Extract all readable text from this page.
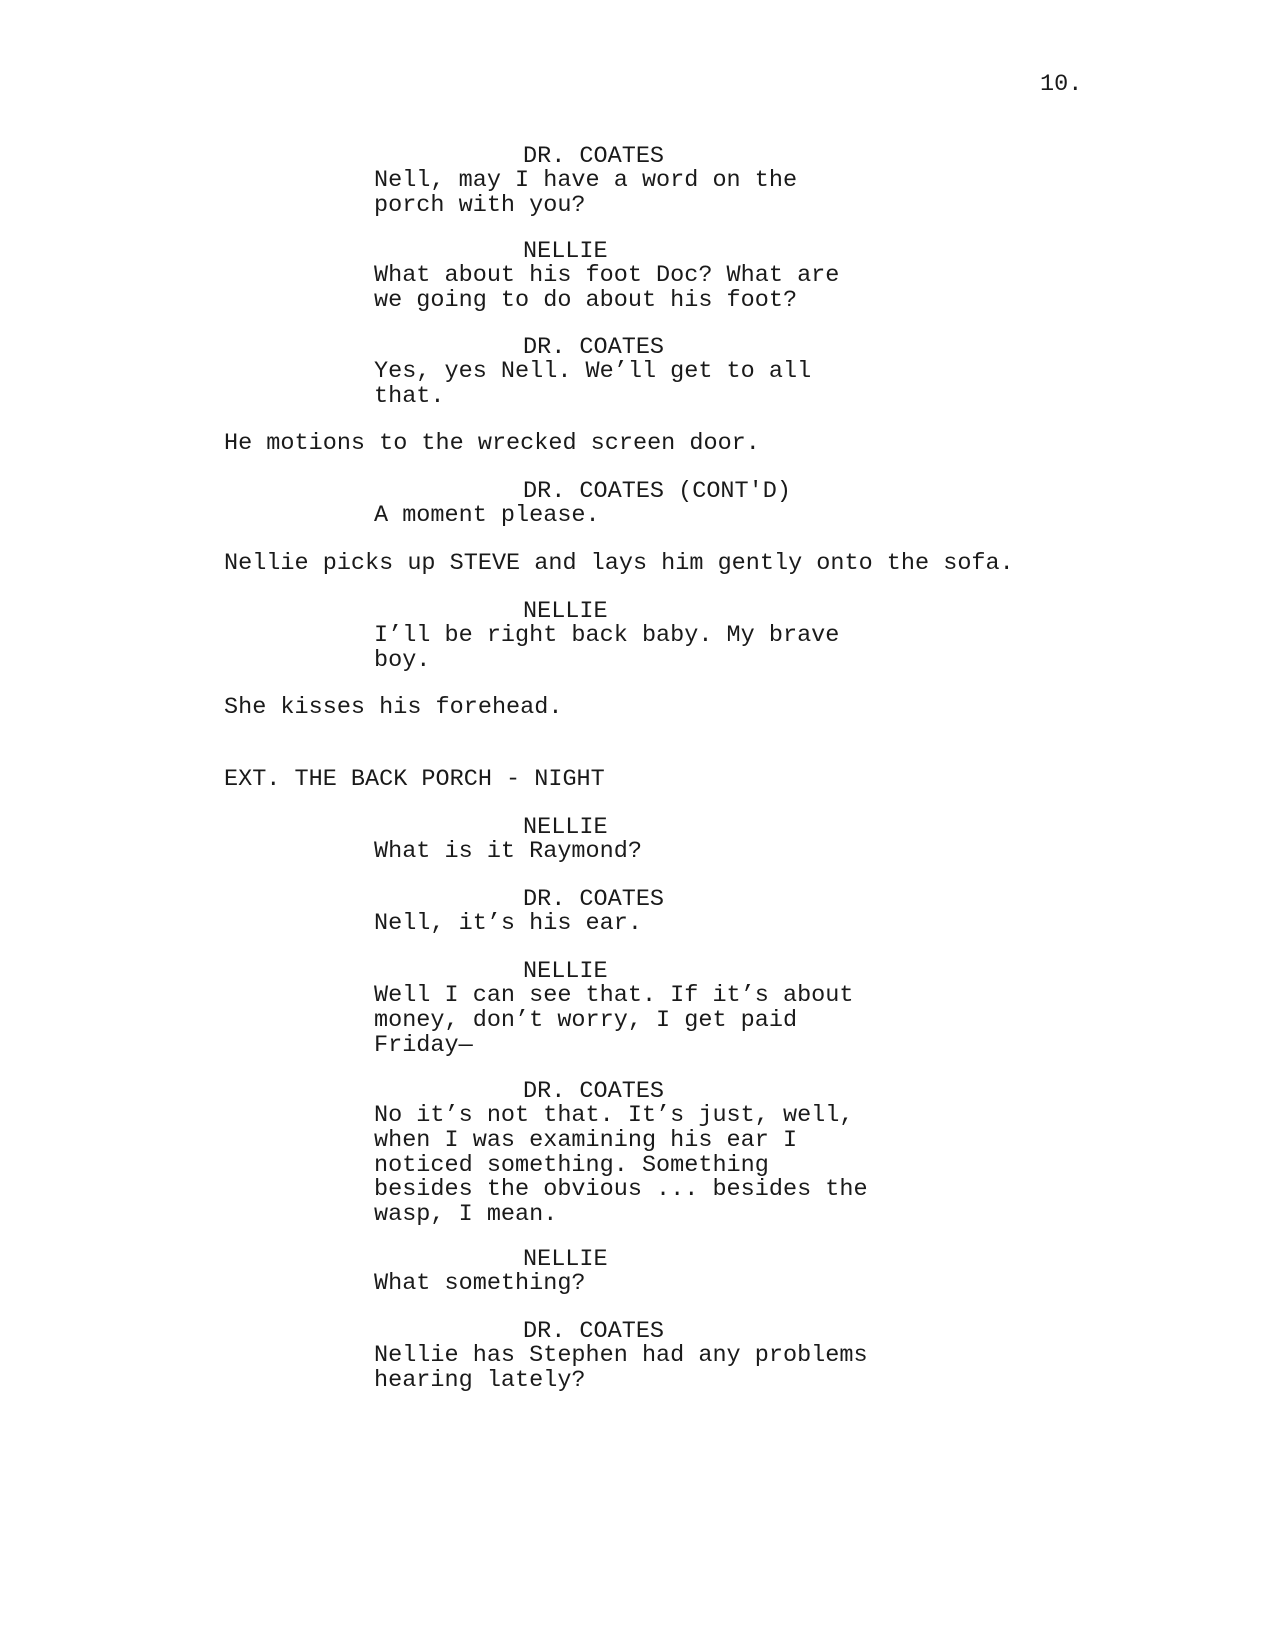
10.
DR. COATES
Nell, may I have a word on the
porch with you?
NELLIE
What about his foot Doc? What are
we going to do about his foot?
DR. COATES
Yes, yes Nell. We’ll get to all
that.
He motions to the wrecked screen door.
DR. COATES (CONT'D)
A moment please.
Nellie picks up STEVE and lays him gently onto the sofa.
NELLIE
I’ll be right back baby. My brave
boy.
She kisses his forehead.
EXT. THE BACK PORCH - NIGHT
NELLIE
What is it Raymond?
DR. COATES
Nell, it’s his ear.
NELLIE
Well I can see that. If it’s about
money, don’t worry, I get paid
Friday—
DR. COATES
No it’s not that. It’s just, well,
when I was examining his ear I
noticed something. Something
besides the obvious ... besides the
wasp, I mean.
NELLIE
What something?
DR. COATES
Nellie has Stephen had any problems
hearing lately?
